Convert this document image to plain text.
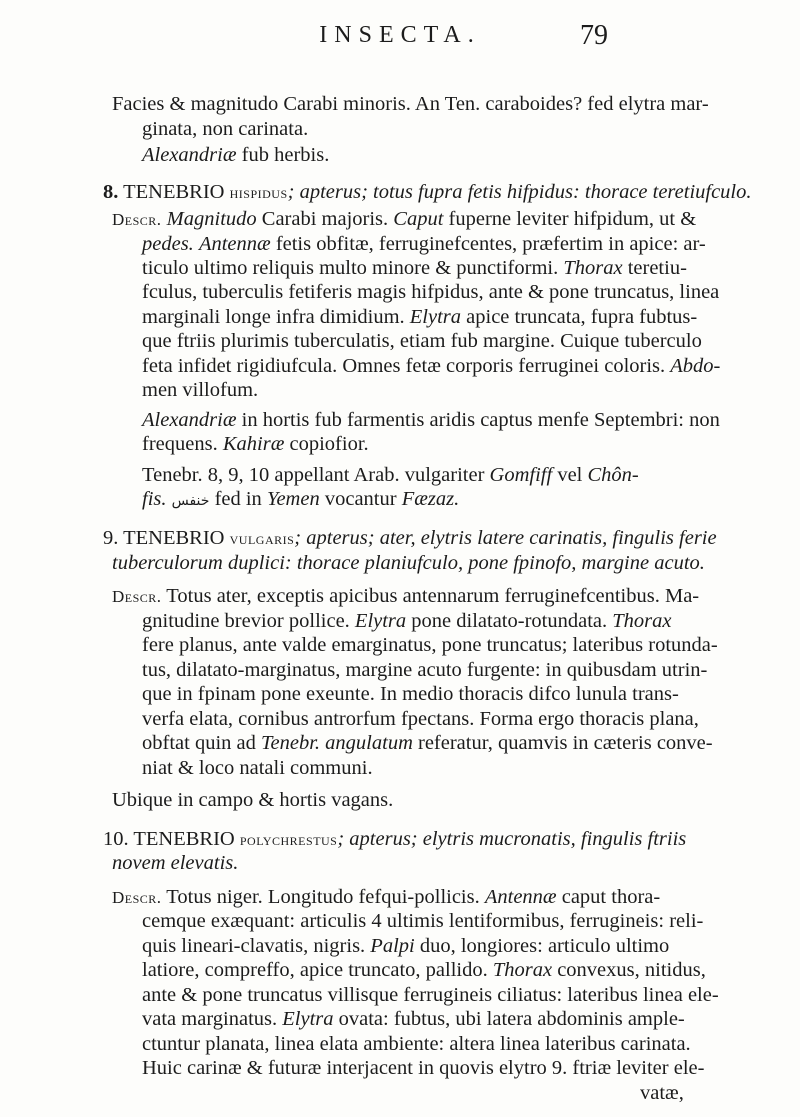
INSECTA.	79
Facies & magnitudo Carabi minoris. An Ten. caraboides? fed elytra mar-
ginata, non carinata.
Alexandriæ fub herbis.
8. TENEBRIO hispidus; apterus; totus fupra fetis hifpidus: thorace teretiufculo.
Descr. Magnitudo Carabi majoris. Caput fuperne leviter hifpidum, ut &
pedes. Antennæ fetis obfitæ, ferruginefcentes, præfertim in apice: ar-
ticulo ultimo reliquis multo minore & punctiformi. Thorax teretiu-
fculus, tuberculis fetiferis magis hifpidus, ante & pone truncatus, linea
marginali longe infra dimidium. Elytra apice truncata, fupra fubtus-
que ftriis plurimis tuberculatis, etiam fub margine. Cuique tuberculo
feta infidet rigidiufcula. Omnes fetæ corporis ferruginei coloris. Abdo-
men villofum.
Alexandriæ in hortis fub farmentis aridis captus menfe Septembri: non
frequens. Kahiræ copiofior.
Tenebr. 8, 9, 10 appellant Arab. vulgariter Gomfiff vel Chôn-
fis. خنفس fed in Yemen vocantur Fæzaz.
9. TENEBRIO vulgaris; apterus; ater, elytris latere carinatis, fingulis ferie
tuberculorum duplici: thorace planiufculo, pone fpinofo, margine acuto.
Descr. Totus ater, exceptis apicibus antennarum ferruginefcentibus. Ma-
gnitudine brevior pollice. Elytra pone dilatato-rotundata. Thorax
fere planus, ante valde emarginatus, pone truncatus; lateribus rotunda-
tus, dilatato-marginatus, margine acuto furgente: in quibusdam utrin-
que in fpinam pone exeunte. In medio thoracis difco lunula trans-
verfa elata, cornibus antrorfum fpectans. Forma ergo thoracis plana,
obftat quin ad Tenebr. angulatum referatur, quamvis in cæteris conve-
niat & loco natali communi.
Ubique in campo & hortis vagans.
10. TENEBRIO polychrestus; apterus; elytris mucronatis, fingulis ftriis
novem elevatis.
Descr. Totus niger. Longitudo fefqui-pollicis. Antennæ caput thora-
cemque exæquant: articulis 4 ultimis lentiformibus, ferrugineis: reli-
quis lineari-clavatis, nigris. Palpi duo, longiores: articulo ultimo
latiore, compreffo, apice truncato, pallido. Thorax convexus, nitidus,
ante & pone truncatus villisque ferrugineis ciliatus: lateribus linea ele-
vata marginatus. Elytra ovata: fubtus, ubi latera abdominis ample-
ctuntur planata, linea elata ambiente: altera linea lateribus carinata.
Huic carinæ & futuræ interjacent in quovis elytro 9. ftriæ leviter ele-
vatæ,
